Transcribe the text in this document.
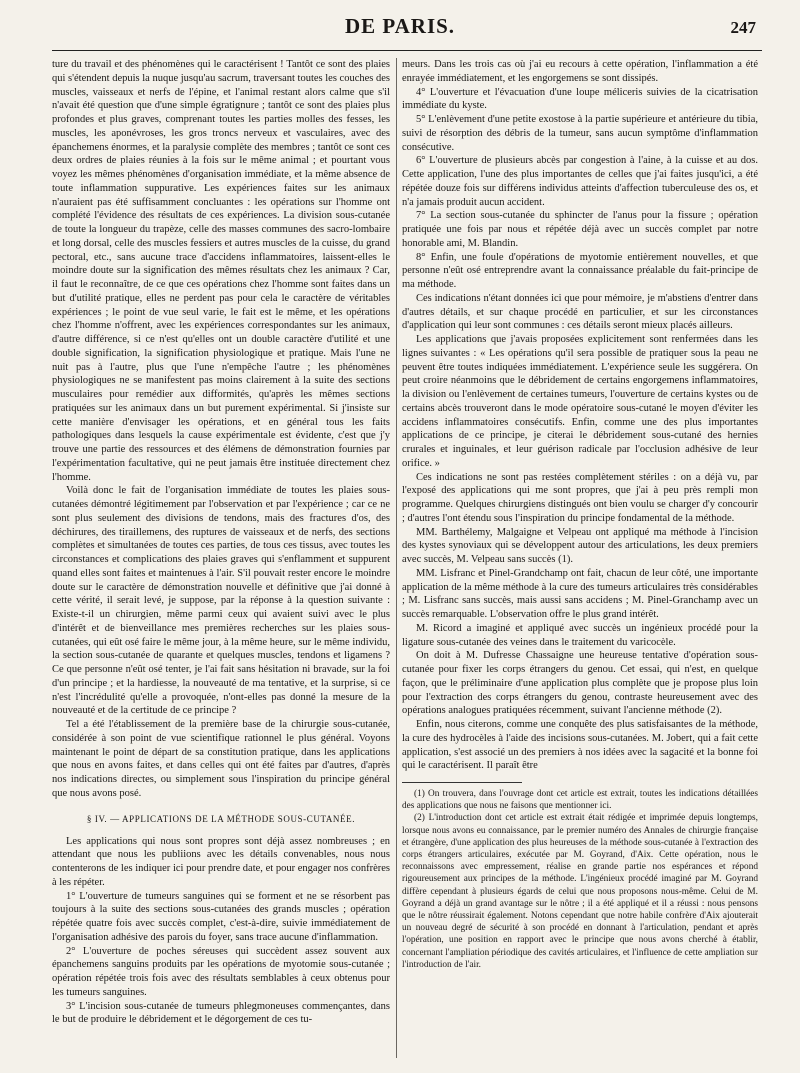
DE PARIS.	247

ture du travail et des phénomènes qui le caractérisent ! Tantôt ce sont des plaies qui s'étendent depuis la nuque jusqu'au sacrum, traversant toutes les couches des muscles, vaisseaux et nerfs de l'épine, et l'animal restant alors calme que s'il n'avait été question que d'une simple égratignure ; tantôt ce sont des plaies plus profondes et plus graves, comprenant toutes les parties molles des fesses, les muscles, les aponévroses, les gros troncs nerveux et vasculaires, avec des épanchemens énormes, et la paralysie complète des membres ; tantôt ce sont ces deux ordres de plaies réunies à la fois sur le même animal ; et pourtant vous voyez les mêmes phénomènes d'organisation immédiate, et la même absence de toute inflammation suppurative. Les expériences faites sur les animaux n'auraient pas été suffisamment concluantes : les opérations sur l'homme ont complété l'évidence des résultats de ces expériences. La division sous-cutanée de toute la longueur du trapèze, celle des masses communes des sacro-lombaire et long dorsal, celle des muscles fessiers et autres muscles de la cuisse, du grand pectoral, etc., sans aucune trace d'accidens inflammatoires, laissent-elles le moindre doute sur la signification des mêmes résultats chez les animaux ? Car, il faut le reconnaître, de ce que ces opérations chez l'homme sont faites dans un but d'utilité pratique, elles ne perdent pas pour cela le caractère de véritables expériences ; le point de vue seul varie, le fait est le même, et les opérations chez l'homme n'offrent, avec les expériences correspondantes sur les animaux, d'autre différence, si ce n'est qu'elles ont un double caractère d'utilité et une double signification, la signification physiologique et pratique. Mais l'une ne nuit pas à l'autre, plus que l'une n'empêche l'autre ; les phénomènes physiologiques ne se manifestent pas moins clairement à la suite des sections musculaires pour remédier aux difformités, qu'après les mêmes sections pratiquées sur les animaux dans un but purement expérimental. Si j'insiste sur cette manière d'envisager les opérations, et en général tous les faits pathologiques dans lesquels la cause expérimentale est évidente, c'est que j'y trouve une partie des ressources et des élémens de démonstration fournies par l'expérimentation facultative, qui ne peut jamais être instituée directement chez l'homme.

Voilà donc le fait de l'organisation immédiate de toutes les plaies sous-cutanées démontré légitimement par l'observation et par l'expérience ; car ce ne sont plus seulement des divisions de tendons, mais des fractures d'os, des déchirures, des tiraillemens, des ruptures de vaisseaux et de nerfs, des sections complètes et simultanées de toutes ces parties, de tous ces tissus, avec toutes les circonstances et complications des plaies graves qui s'enflamment et suppurent quand elles sont faites et maintenues à l'air. S'il pouvait rester encore le moindre doute sur le caractère de démonstration nouvelle et définitive que j'ai donné à cette vérité, il serait levé, je suppose, par la réponse à la question suivante : Existe-t-il un chirurgien, même parmi ceux qui avaient suivi avec le plus d'intérêt et de bienveillance mes premières recherches sur les plaies sous-cutanées, qui eût osé faire le même jour, à la même heure, sur le même individu, la section sous-cutanée de quarante et quelques muscles, tendons et ligamens ? Ce que personne n'eût osé tenter, je l'ai fait sans hésitation ni bravade, sur la foi d'un principe ; et la hardiesse, la nouveauté de ma tentative, et la surprise, si ce n'est l'incrédulité qu'elle a provoquée, n'ont-elles pas donné la mesure de la nouveauté et de la certitude de ce principe ?

Tel a été l'établissement de la première base de la chirurgie sous-cutanée, considérée à son point de vue scientifique rationnel le plus général. Voyons maintenant le point de départ de sa constitution pratique, dans les applications que nous en avons faites, et dans celles qui ont été faites par d'autres, d'après nos indications directes, ou simplement sous l'inspiration du principe général que nous avons posé.

§ IV. — APPLICATIONS DE LA MÉTHODE SOUS-CUTANÉE.

Les applications qui nous sont propres sont déjà assez nombreuses ; en attendant que nous les publiions avec les détails convenables, nous nous contenterons de les indiquer ici pour prendre date, et pour engager nos confrères à les répéter.

1° L'ouverture de tumeurs sanguines qui se forment et ne se résorbent pas toujours à la suite des sections sous-cutanées des grands muscles ; opération répétée quatre fois avec succès complet, c'est-à-dire, suivie immédiatement de l'organisation adhésive des parois du foyer, sans trace aucune d'inflammation.

2° L'ouverture de poches séreuses qui succèdent assez souvent aux épanchemens sanguins produits par les opérations de myotomie sous-cutanée ; opération répétée trois fois avec des résultats semblables à ceux obtenus pour les tumeurs sanguines.

3° L'incision sous-cutanée de tumeurs phlegmoneuses commençantes, dans le but de produire le débridement et le dégorgement de ces tu-

meurs. Dans les trois cas où j'ai eu recours à cette opération, l'inflammation a été enrayée immédiatement, et les engorgemens se sont dissipés.

4° L'ouverture et l'évacuation d'une loupe méliceris suivies de la cicatrisation immédiate du kyste.

5° L'enlèvement d'une petite exostose à la partie supérieure et antérieure du tibia, suivi de résorption des débris de la tumeur, sans aucun symptôme d'inflammation consécutive.

6° L'ouverture de plusieurs abcès par congestion à l'aine, à la cuisse et au dos. Cette application, l'une des plus importantes de celles que j'ai faites jusqu'ici, a été répétée douze fois sur différens individus atteints d'affection tuberculeuse des os, et n'a jamais produit aucun accident.

7° La section sous-cutanée du sphincter de l'anus pour la fissure ; opération pratiquée une fois par nous et répétée déjà avec un succès complet par notre honorable ami, M. Blandin.

8° Enfin, une foule d'opérations de myotomie entièrement nouvelles, et que personne n'eût osé entreprendre avant la connaissance préalable du fait-principe de ma méthode.

Ces indications n'étant données ici que pour mémoire, je m'abstiens d'entrer dans d'autres détails, et sur chaque procédé en particulier, et sur les circonstances d'application qui leur sont communes : ces détails seront mieux placés ailleurs.

Les applications que j'avais proposées explicitement sont renfermées dans les lignes suivantes : « Les opérations qu'il sera possible de pratiquer sous la peau ne peuvent être toutes indiquées immédiatement. L'expérience seule les suggérera. On peut croire néanmoins que le débridement de certains engorgemens inflammatoires, la division ou l'enlèvement de certaines tumeurs, l'ouverture de certains kystes ou de certains abcès trouveront dans le mode opératoire sous-cutané le moyen d'éviter les accidens inflammatoires consécutifs. Enfin, comme une des plus importantes applications de ce principe, je citerai le débridement sous-cutané des hernies crurales et inguinales, et leur guérison radicale par l'occlusion adhésive de leur orifice. »

Ces indications ne sont pas restées complètement stériles : on a déjà vu, par l'exposé des applications qui me sont propres, que j'ai à peu près rempli mon programme. Quelques chirurgiens distingués ont bien voulu se charger d'y concourir ; d'autres l'ont étendu sous l'inspiration du principe fondamental de la méthode.

MM. Barthélemy, Malgaigne et Velpeau ont appliqué ma méthode à l'incision des kystes synoviaux qui se développent autour des articulations, les deux premiers avec succès, M. Velpeau sans succès (1).

MM. Lisfranc et Pinel-Grandchamp ont fait, chacun de leur côté, une importante application de la même méthode à la cure des tumeurs articulaires très considérables ; M. Lisfranc sans succès, mais aussi sans accidens ; M. Pinel-Granchamp avec un succès remarquable. L'observation offre le plus grand intérêt.

M. Ricord a imaginé et appliqué avec succès un ingénieux procédé pour la ligature sous-cutanée des veines dans le traitement du varicocèle.

On doit à M. Dufresse Chassaigne une heureuse tentative d'opération sous-cutanée pour fixer les corps étrangers du genou. Cet essai, qui n'est, en quelque façon, que le préliminaire d'une application plus complète que je propose plus loin pour l'extraction des corps étrangers du genou, contraste heureusement avec des opérations analogues pratiquées récemment, suivant l'ancienne méthode (2).

Enfin, nous citerons, comme une conquête des plus satisfaisantes de la méthode, la cure des hydrocèles à l'aide des incisions sous-cutanées. M. Jobert, qui a fait cette application, s'est associé un des premiers à nos idées avec la sagacité et la bonne foi qui le caractérisent. Il paraît être

(1) On trouvera, dans l'ouvrage dont cet article est extrait, toutes les indications détaillées des applications que nous ne faisons que mentionner ici.

(2) L'introduction dont cet article est extrait était rédigée et imprimée depuis longtemps, lorsque nous avons eu connaissance, par le premier numéro des Annales de chirurgie française et étrangère, d'une application des plus heureuses de la méthode sous-cutanée à l'extraction des corps étrangers articulaires, exécutée par M. Goyrand, d'Aix. Cette opération, nous le reconnaissons avec empressement, réalise en grande partie nos espérances et répond rigoureusement aux principes de la méthode. L'ingénieux procédé imaginé par M. Goyrand diffère cependant à plusieurs égards de celui que nous proposons nous-même. Celui de M. Goyrand a déjà un grand avantage sur le nôtre ; il a été appliqué et il a réussi : nous pensons que le nôtre réussirait également. Notons cependant que notre habile confrère d'Aix ajouterait un nouveau degré de sécurité à son procédé en donnant à l'articulation, pendant et après l'opération, une position en rapport avec le principe que nous avons cherché à établir, concernant l'ampliation périodique des cavités articulaires, et l'influence de cette ampliation sur l'introduction de l'air.
